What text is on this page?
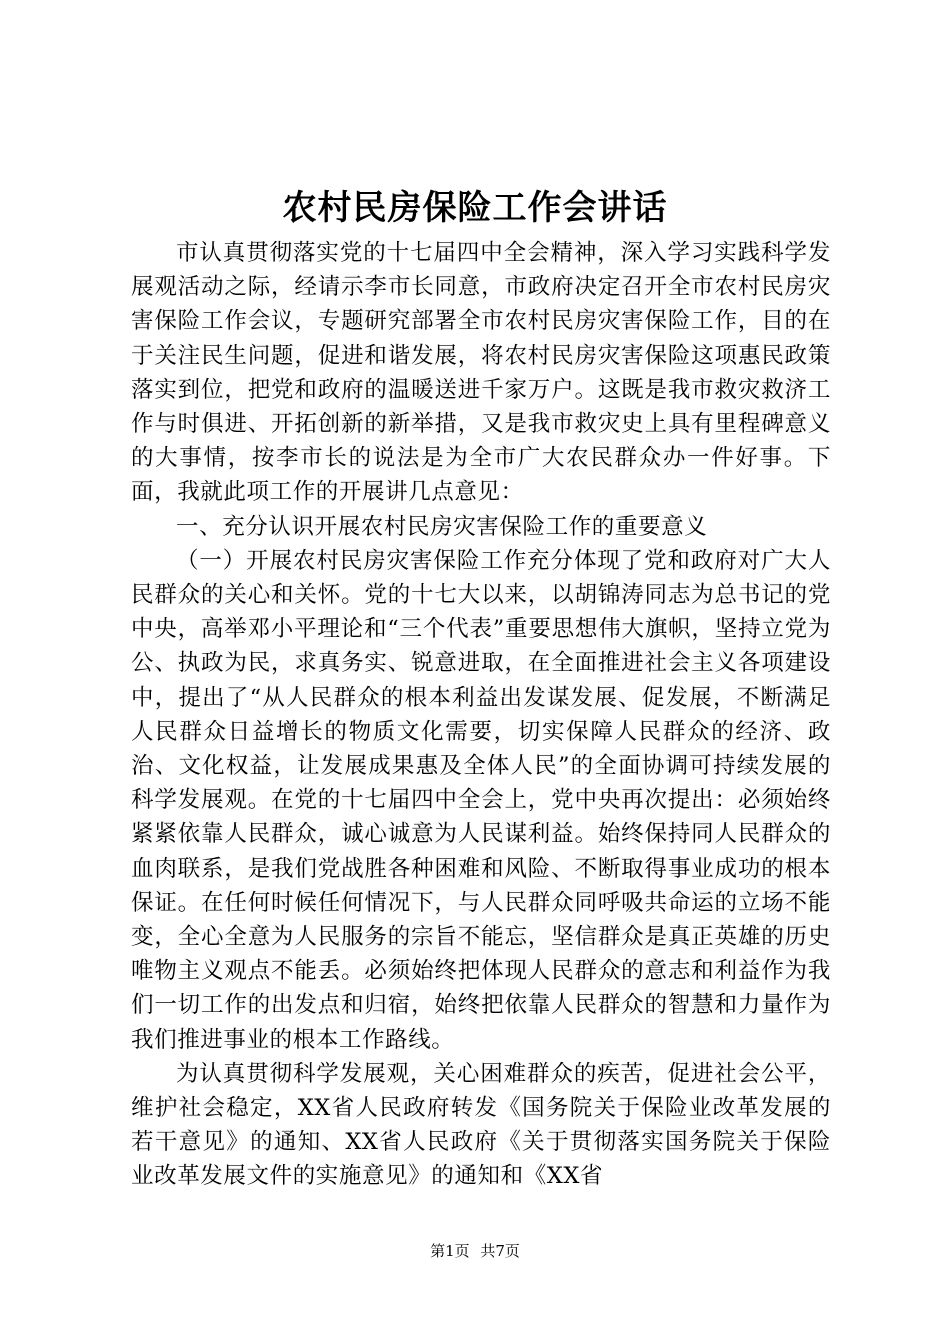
农村民房保险工作会讲话

市认真贯彻落实党的十七届四中全会精神，深入学习实践科学发展观活动之际，经请示李市长同意，市政府决定召开全市农村民房灾害保险工作会议，专题研究部署全市农村民房灾害保险工作，目的在于关注民生问题，促进和谐发展，将农村民房灾害保险这项惠民政策落实到位，把党和政府的温暖送进千家万户。这既是我市救灾救济工作与时俱进、开拓创新的新举措，又是我市救灾史上具有里程碑意义的大事情，按李市长的说法是为全市广大农民群众办一件好事。下面，我就此项工作的开展讲几点意见：

一、充分认识开展农村民房灾害保险工作的重要意义

（一）开展农村民房灾害保险工作充分体现了党和政府对广大人民群众的关心和关怀。党的十七大以来，以胡锦涛同志为总书记的党中央，高举邓小平理论和“三个代表”重要思想伟大旗帜，坚持立党为公、执政为民，求真务实、锐意进取，在全面推进社会主义各项建设中，提出了“从人民群众的根本利益出发谋发展、促发展，不断满足人民群众日益增长的物质文化需要，切实保障人民群众的经济、政治、文化权益，让发展成果惠及全体人民”的全面协调可持续发展的科学发展观。在党的十七届四中全会上，党中央再次提出：必须始终紧紧依靠人民群众，诚心诚意为人民谋利益。始终保持同人民群众的血肉联系，是我们党战胜各种困难和风险、不断取得事业成功的根本保证。在任何时候任何情况下，与人民群众同呼吸共命运的立场不能变，全心全意为人民服务的宗旨不能忘，坚信群众是真正英雄的历史唯物主义观点不能丢。必须始终把体现人民群众的意志和利益作为我们一切工作的出发点和归宿，始终把依靠人民群众的智慧和力量作为我们推进事业的根本工作路线。

为认真贯彻科学发展观，关心困难群众的疾苦，促进社会公平，维护社会稳定，XX省人民政府转发《国务院关于保险业改革发展的若干意见》的通知、XX省人民政府《关于贯彻落实国务院关于保险业改革发展文件的实施意见》的通知和《XX省

第1页 共7页
